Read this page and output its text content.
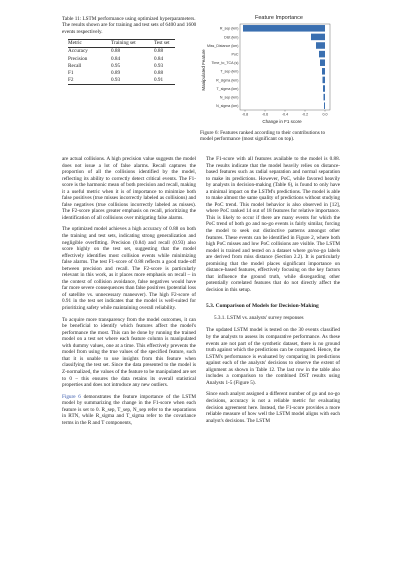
Table 11: LSTM performance using optimized hyperparameters. The results shown are for training and test sets of 6400 and 1600 events respectively.

Metric	Training set	Test set
Accuracy	0.88	0.88
Precision	0.84	0.84
Recall	0.95	0.93
F1	0.89	0.88
F2	0.93	0.91
Feature Importance
Manipulated Feature
Change in F1 score
R_sep (km)
Dist (km)
Miss_Distance (km)
PoC
Time_to_TCA (s)
T_sep (km)
R_sigma (km)
T_sigma (km)
N_sep (km)
N_sigma (km)
-0.8	-0.6	-0.4	-0.2	0.0

Figure 6: Features ranked according to their contributions to model performance (most significant on top).

are actual collisions. A high precision value suggests the model does not issue a lot of false alarms. Recall captures the proportion of all the collisions identified by the model, reflecting its ability to correctly detect critical events. The F1-score is the harmonic mean of both precision and recall, making it a useful metric when it is of importance to minimize both false positives (true misses incorrectly labeled as collisions) and false negatives (true collisions incorrectly labeled as misses). The F2-score places greater emphasis on recall, prioritizing the identification of all collisions over mitigating false alarms.

The optimized model achieves a high accuracy of 0.88 on both the training and test sets, indicating strong generalization and negligible overfitting. Precision (0.84) and recall (0.93) also score highly on the test set, suggesting that the model effectively identifies most collision events while minimizing false alarms. The test F1-score of 0.88 reflects a good trade-off between precision and recall. The F2-score is particularly relevant in this work, as it places more emphasis on recall – in the context of collision avoidance, false negatives would have far more severe consequences than false positives (potential loss of satellite vs. unnecessary maneuver). The high F2-score of 0.91 in the test set indicates that the model is well-suited for prioritizing safety while maintaining overall reliability.

To acquire more transparency from the model outcomes, it can be beneficial to identify which features affect the model's performance the most. This can be done by running the trained model on a test set where each feature column is manipulated with dummy values, one at a time. This effectively prevents the model from using the true values of the specified feature, such that it is unable to use insights from this feature when classifying the test set. Since the data presented to the model is Z-normalized, the values of the feature to be manipulated are set to 0 – this ensures the data retains its overall statistical properties and does not introduce any new outliers.

Figure 6 demonstrates the feature importance of the LSTM model by summarizing the change in the F1-score when each feature is set to 0. R_sep, T_sep, N_sep refer to the separations in RTN, while R_sigma and T_sigma refer to the covariance terms in the R and T components,

The F1-score with all features available to the model is 0.88. The results indicate that the model heavily relies on distance-based features such as radial separation and normal separation to make its predictions. However, PoC, while favored heavily by analysts in decision-making (Table 6), is found to only have a minimal impact on the LSTM's predictions. The model is able to make almost the same quality of predictions without studying the PoC trend. This model behavior is also observed in [12], where PoC ranked 14 out of 18 features for relative importance. This is likely to occur if there are many events for which the PoC trend of both go and no-go events is fairly similar, forcing the model to seek out distinctive patterns amongst other features. These events can be identified in Figure 2, where both high PoC misses and low PoC collisions are visible. The LSTM model is trained and tested on a dataset where go/no-go labels are derived from miss distance (Section 2.2). It is particularly promising that the model places significant importance on distance-based features, effectively focusing on the key factors that influence the ground truth, while disregarding other potentially correlated features that do not directly affect the decision in this setup.

5.3. Comparison of Models for Decision-Making

5.3.1. LSTM vs. analysts' survey responses

The updated LSTM model is tested on the 30 events classified by the analysts to assess its comparative performance. As these events are not part of the synthetic dataset, there is no ground truth against which the predictions can be compared. Hence, the LSTM's performance is evaluated by comparing its predictions against each of the analysts' decisions to observe the extent of alignment as shown in Table 12. The last row in the table also includes a comparison to the combined DST results using Analysts 1-5 (Figure 5).

Since each analyst assigned a different number of go and no-go decisions, accuracy is not a reliable metric for evaluating decision agreement here. Instead, the F1-score provides a more reliable measure of how well the LSTM model aligns with each analyst's decisions. The LSTM
